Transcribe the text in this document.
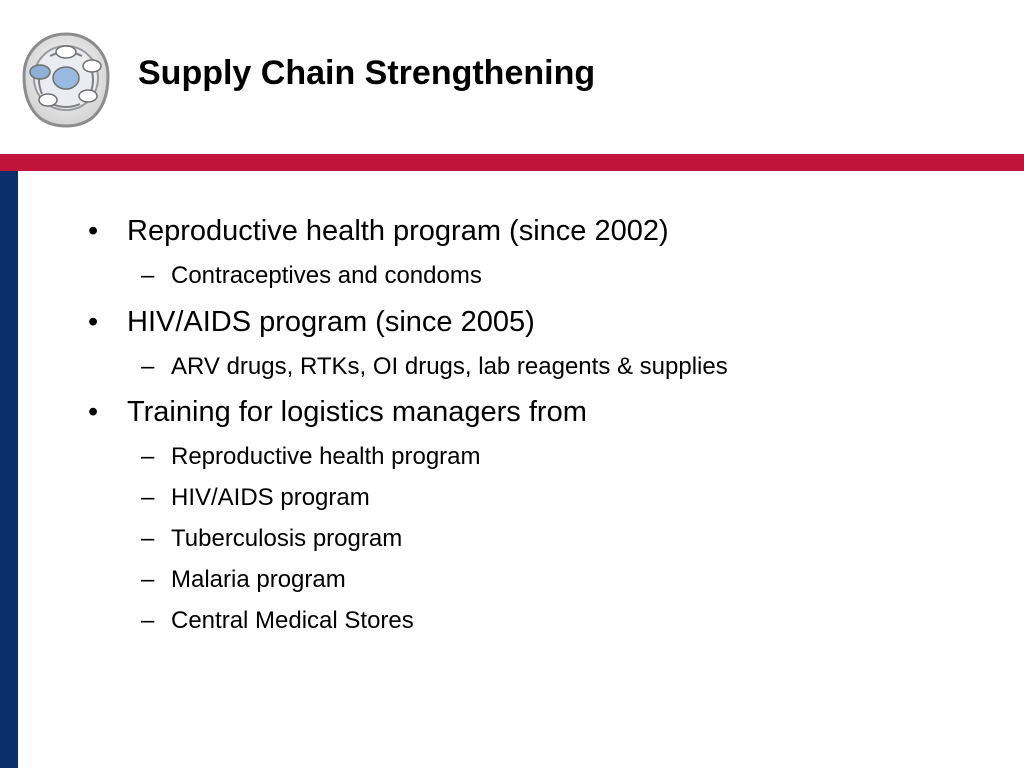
Supply Chain Strengthening
• Reproductive health program (since 2002)
– Contraceptives and condoms
• HIV/AIDS program (since 2005)
– ARV drugs, RTKs, OI drugs, lab reagents & supplies
• Training for logistics managers from
– Reproductive health program
– HIV/AIDS program
– Tuberculosis program
– Malaria program
– Central Medical Stores
